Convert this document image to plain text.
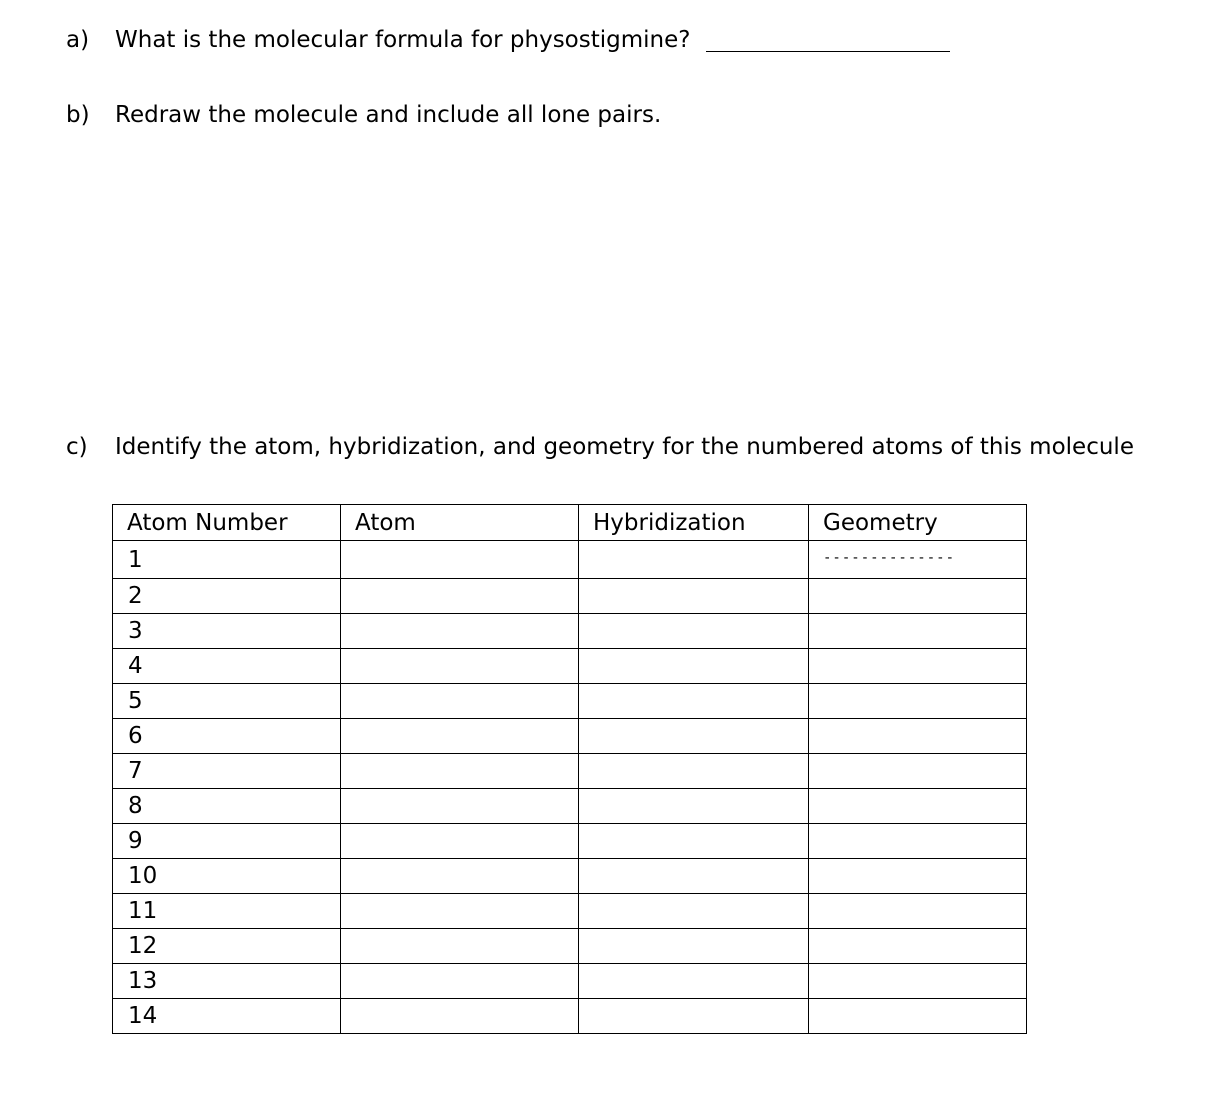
a) What is the molecular formula for physostigmine?
b) Redraw the molecule and include all lone pairs.
c) Identify the atom, hybridization, and geometry for the numbered atoms of this molecule
Atom Number	Atom	Hybridization	Geometry
1			--------------
2			
3			
4			
5			
6			
7			
8			
9			
10			
11			
12			
13			
14			
